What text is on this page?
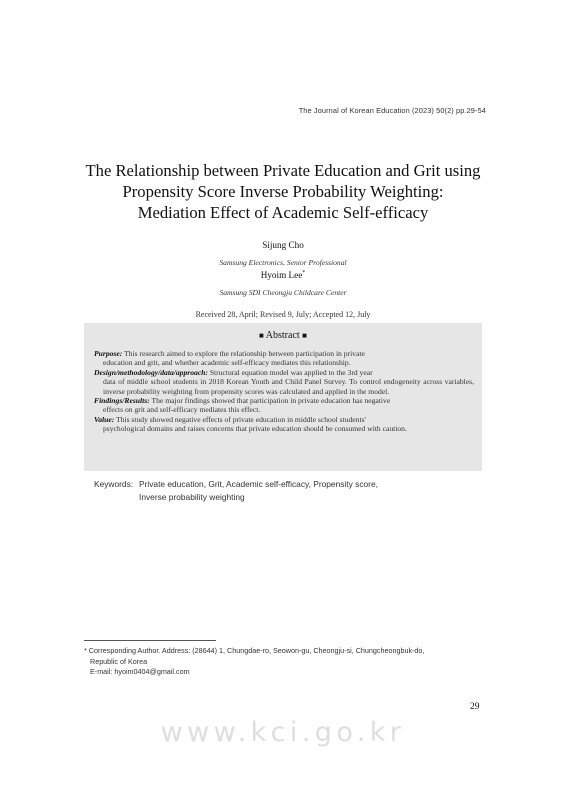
The Journal of Korean Education (2023) 50(2) pp.29-54
The Relationship between Private Education and Grit using
Propensity Score Inverse Probability Weighting:
Mediation Effect of Academic Self-efficacy
Sijung Cho
Samsung Electronics, Senior Professional
Hyoim Lee*
Samsung SDI Cheongju Childcare Center
Received 28, April; Revised 9, July; Accepted 12, July
■ Abstract ■
Purpose: This research aimed to explore the relationship between participation in private
education and grit, and whether academic self-efficacy mediates this relationship.
Design/methodology/data/approach: Structural equation model was applied to the 3rd year
data of middle school students in 2018 Korean Youth and Child Panel Survey. To control endogeneity across variables, inverse probability weighting from propensity scores was calculated and applied in the model.
Findings/Results: The major findings showed that participation in private education has negative
effects on grit and self-efficacy mediates this effect.
Value: This study showed negative effects of private education in middle school students'
psychological domains and raises concerns that private education should be consumed with caution.
Keywords: Private education, Grit, Academic self-efficacy, Propensity score,
Inverse probability weighting
* Corresponding Author. Address: (28644) 1, Chungdae-ro, Seowon-gu, Cheongju-si, Chungcheongbuk-do,
Republic of Korea
E-mail: hyoim0404@gmail.com
29
www.kci.go.kr
